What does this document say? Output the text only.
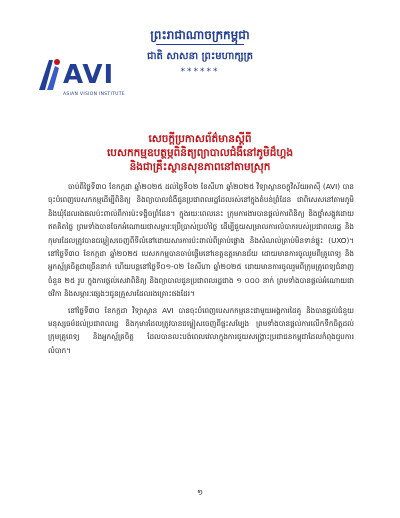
ព្រះរាជាណាចក្រកម្ពុជា
ជាតិ សាសនា ព្រះមហាក្សត្រ
******
AVI
ASIAN VISION INSTITUTE
សេចក្តីប្រកាសព័ត៌មានស្តីពី
បេសកកម្មឧបត្ថម្ភពិនិត្យព្យាបាលជំងឺនៅភូមិដ៏ហ្គង
និងជាគ្រឹះស្ថានសុខភាពនៅតាមស្រុក

ចាប់ពីថ្ងៃទី៣០ ខែកក្កដា ឆ្នាំ២០២៥ ដល់ថ្ងៃទី០២ ខែសីហា ឆ្នាំ២០២៥ វិទ្យាស្ថានចក្ខុវិស័យអាស៊ី (AVI) បានចុះបំពេញបេសកកម្មដើម្បីពិនិត្យ និងព្យាបាលជំងឺជូនប្រជាពលរដ្ឋដែលរស់នៅក្នុងតំបន់ព្រំដែន ជាពិសេសនៅតាមភូមិ និងឃុំដែលរងផលប៉ះពាល់ពីការប៉ះទង្គិចព្រំដែន។ ក្នុងរយៈពេលនេះ ក្រុមការងារបានផ្តល់ការពិនិត្យ និងថ្នាំសង្កូវដោយឥតគិតថ្លៃ ព្រមទាំងបានចែកអំណោយជាសម្ភារៈប្រើប្រាស់ប្រចាំថ្ងៃ ដើម្បីជួយសម្រាលការលំបាករបស់ប្រជាពលរដ្ឋ និងកុមារដែលត្រូវបានជម្លៀសចេញពីទីលំនៅដោយសារការប៉ះពាល់ពីគ្រាប់ផ្លោង និងសំណល់គ្រាប់មិនទាន់ផ្ទុះ (UXO)។ នៅថ្ងៃទី៣០ ខែកក្កដា ឆ្នាំ២០២៥ បេសកកម្មបានចាប់ផ្តើមនៅខេត្តឧត្តរមានជ័យ ដោយមានការចូលរួមពីគ្រូពេទ្យ និងអ្នកស្ម័គ្រចិត្តជាច្រើននាក់ ហើយបន្តនៅថ្ងៃទី០១-០២ ខែសីហា ឆ្នាំ២០២៥ ដោយមានការចូលរួមពីក្រុមគ្រូពេទ្យជំនាញចំនួន ២៥ រូប ក្នុងការផ្តល់សេវាពិនិត្យ និងព្យាបាលជូនប្រជាពលរដ្ឋជាង ១ ០០០ នាក់ ព្រមទាំងបានផ្តល់អំណោយជាថវិកា និងសម្ភារៈផ្សេងៗជូនគ្រួសារដែលរងគ្រោះផងដែរ។

នៅថ្ងៃទី៣០ ខែកក្កដា វិទ្យាស្ថាន AVI បានចុះបំពេញបេសកកម្មនេះជាមួយអង្គការដៃគូ និងបានផ្តល់ជំនួយមនុស្សធម៌ដល់ប្រជាពលរដ្ឋ និងកុមារដែលត្រូវបានជម្លៀសចេញពីផ្ទះសម្បែង ព្រមទាំងបានផ្តល់ការលើកទឹកចិត្តដល់ក្រុមគ្រូពេទ្យ និងអ្នកស្ម័គ្រចិត្ត ដែលបានលះបង់ពេលវេលាក្នុងការជួយសង្គ្រោះប្រជាជនកម្ពុជាដែលកំពុងជួបការលំបាក។

១
